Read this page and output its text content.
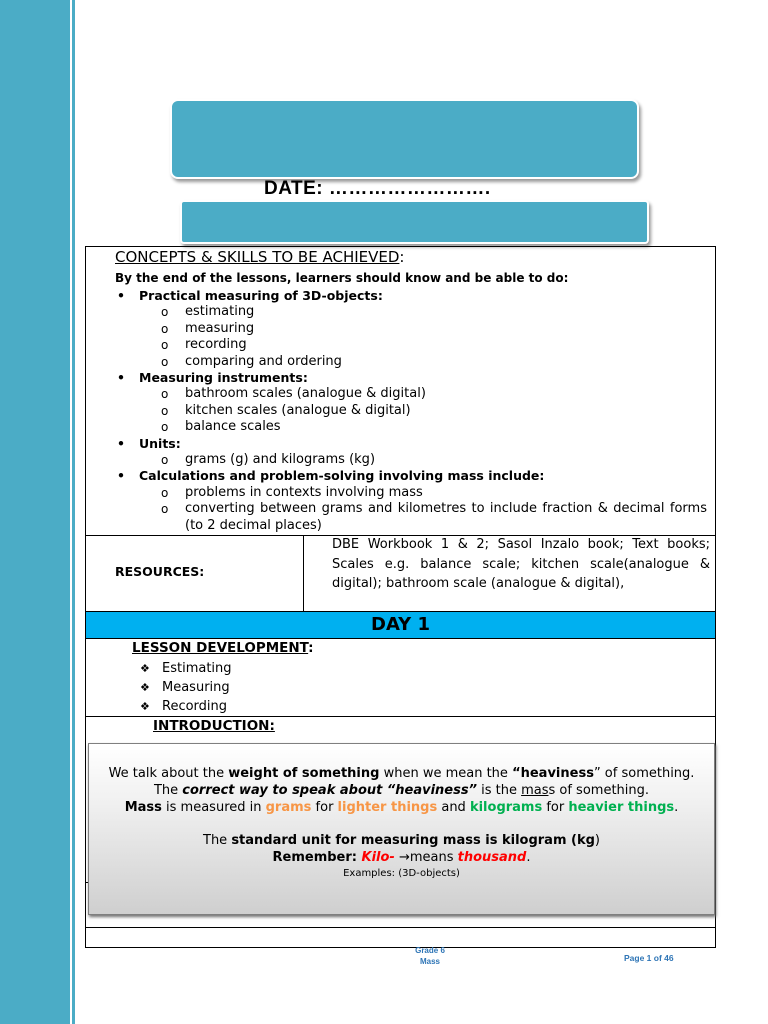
DATE: …………………….
CONCEPTS & SKILLS TO BE ACHIEVED:
By the end of the lessons, learners should know and be able to do:
• Practical measuring of 3D-objects:
o estimating
o measuring
o recording
o comparing and ordering
• Measuring instruments:
o bathroom scales (analogue & digital)
o kitchen scales (analogue & digital)
o balance scales
• Units:
o grams (g) and kilograms (kg)
• Calculations and problem-solving involving mass include:
o problems in contexts involving mass
o converting between grams and kilometres to include fraction & decimal forms (to 2 decimal places)
RESOURCES:
DBE Workbook 1 & 2; Sasol Inzalo book; Text books; Scales e.g. balance scale; kitchen scale(analogue & digital); bathroom scale (analogue & digital),
DAY 1
LESSON DEVELOPMENT:
❖ Estimating
❖ Measuring
❖ Recording
INTRODUCTION:
We talk about the weight of something when we mean the “heaviness” of something.
The correct way to speak about “heaviness” is the mass of something.
Mass is measured in grams for lighter things and kilograms for heavier things.
The standard unit for measuring mass is kilogram (kg)
Remember: Kilo- →means thousand.
Examples: (3D-objects)
Grade 6
Mass	Page 1 of 46
